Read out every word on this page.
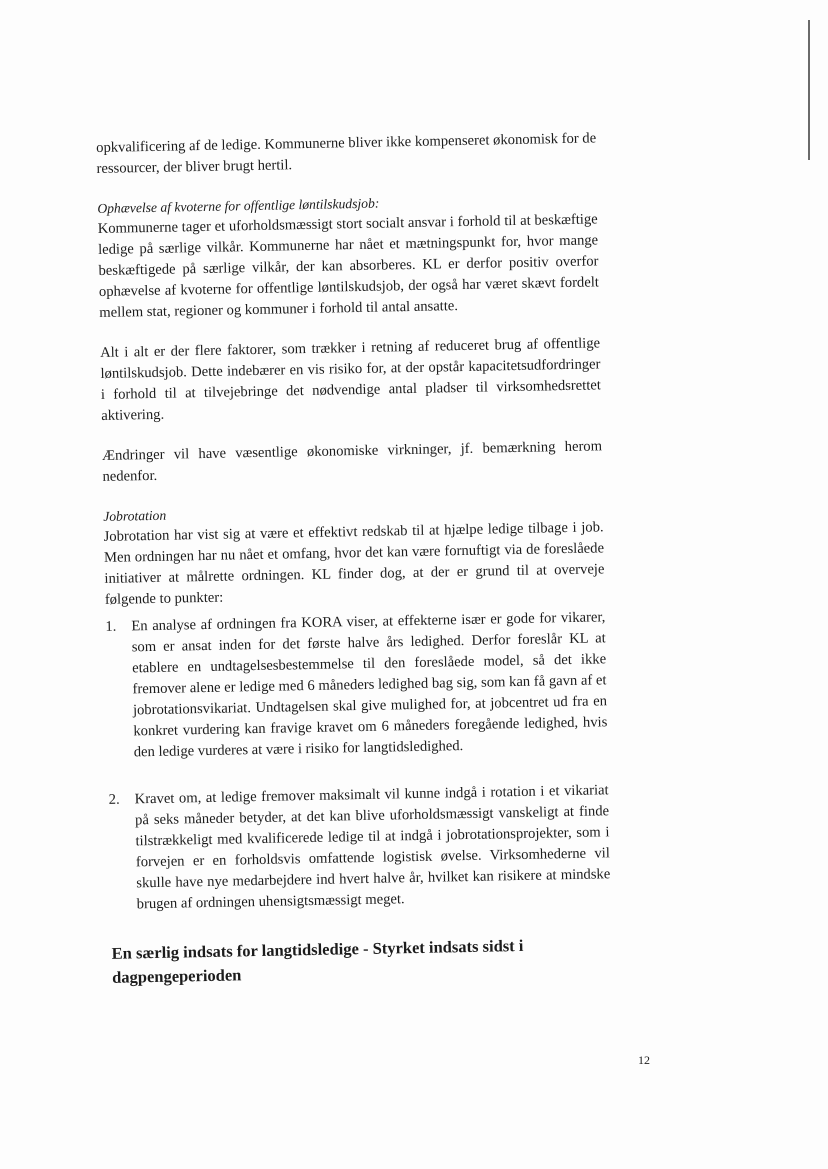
opkvalificering af de ledige. Kommunerne bliver ikke kompenseret økonomisk for de ressourcer, der bliver brugt hertil.

Ophævelse af kvoterne for offentlige løntilskudsjob:

Kommunerne tager et uforholdsmæssigt stort socialt ansvar i forhold til at beskæftige ledige på særlige vilkår. Kommunerne har nået et mætningspunkt for, hvor mange beskæftigede på særlige vilkår, der kan absorberes. KL er derfor positiv overfor ophævelse af kvoterne for offentlige løntilskudsjob, der også har været skævt fordelt mellem stat, regioner og kommuner i forhold til antal ansatte.

Alt i alt er der flere faktorer, som trækker i retning af reduceret brug af offentlige løntilskudsjob. Dette indebærer en vis risiko for, at der opstår kapacitetsudfordringer i forhold til at tilvejebringe det nødvendige antal pladser til virksomhedsrettet aktivering.

Ændringer vil have væsentlige økonomiske virkninger, jf. bemærkning herom nedenfor.

Jobrotation

Jobrotation har vist sig at være et effektivt redskab til at hjælpe ledige tilbage i job. Men ordningen har nu nået et omfang, hvor det kan være fornuftigt via de foreslåede initiativer at målrette ordningen. KL finder dog, at der er grund til at overveje følgende to punkter:

1.	En analyse af ordningen fra KORA viser, at effekterne især er gode for vikarer, som er ansat inden for det første halve års ledighed. Derfor foreslår KL at etablere en undtagelsesbestemmelse til den foreslåede model, så det ikke fremover alene er ledige med 6 måneders ledighed bag sig, som kan få gavn af et jobrotationsvikariat. Undtagelsen skal give mulighed for, at jobcentret ud fra en konkret vurdering kan fravige kravet om 6 måneders foregående ledighed, hvis den ledige vurderes at være i risiko for langtidsledighed.
2.	Kravet om, at ledige fremover maksimalt vil kunne indgå i rotation i et vikariat på seks måneder betyder, at det kan blive uforholdsmæssigt vanskeligt at finde tilstrækkeligt med kvalificerede ledige til at indgå i jobrotationsprojekter, som i forvejen er en forholdsvis omfattende logistisk øvelse. Virksomhederne vil skulle have nye medarbejdere ind hvert halve år, hvilket kan risikere at mindske brugen af ordningen uhensigtsmæssigt meget.

En særlig indsats for langtidsledige - Styrket indsats sidst i dagpengeperioden

12
